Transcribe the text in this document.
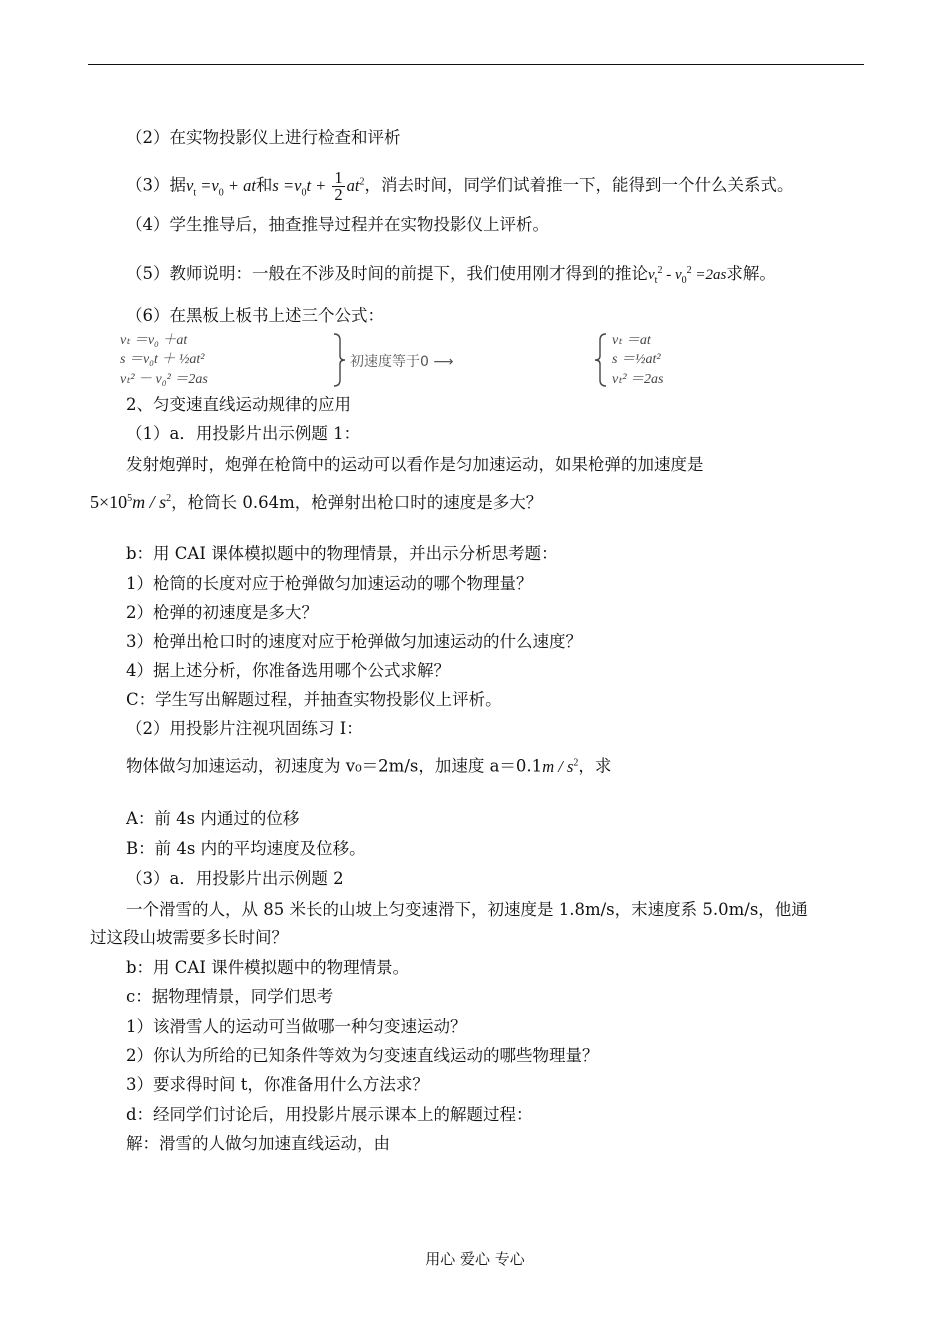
（2）在实物投影仪上进行检查和评析
（3）据$v_t =v_0$ + at和$s =v_0t + \frac{1}{2} at^2$，消去时间，同学们试着推一下，能得到一个什么关系式。
（4）学生推导后，抽查推导过程并在实物投影仪上评析。
（5）教师说明：一般在不涉及时间的前提下，我们使用刚才得到的推论$v_t^2 - v_0^2 =2as$求解。
（6）在黑板上板书上述三个公式：
vₜ ＝v₀ ＋at
s ＝v₀t ＋ ½at²
vₜ² － v₀² ＝2as
初速度等于0 ⟶
vₜ ＝at
s ＝½at²
vₜ² ＝2as
2、匀变速直线运动规律的应用
（1）a．用投影片出示例题 1：
发射炮弹时，炮弹在枪筒中的运动可以看作是匀加速运动，如果枪弹的加速度是
$5\times 10^5m / s^2$，枪筒长 0.64m，枪弹射出枪口时的速度是多大？
b：用 CAI 课体模拟题中的物理情景，并出示分析思考题：
1）枪筒的长度对应于枪弹做匀加速运动的哪个物理量？
2）枪弹的初速度是多大？
3）枪弹出枪口时的速度对应于枪弹做匀加速运动的什么速度？
4）据上述分析，你准备选用哪个公式求解？
C：学生写出解题过程，并抽查实物投影仪上评析。
（2）用投影片注视巩固练习 I：
物体做匀加速运动，初速度为 v₀＝2m/s，加速度 $a=0.1m / s^2$，求
A：前 4s 内通过的位移
B：前 4s 内的平均速度及位移。
（3）a．用投影片出示例题 2
一个滑雪的人，从 85 米长的山坡上匀变速滑下，初速度是 1.8m/s，末速度系 5.0m/s，他通
过这段山坡需要多长时间？
b：用 CAI 课件模拟题中的物理情景。
c：据物理情景，同学们思考
1）该滑雪人的运动可当做哪一种匀变速运动？
2）你认为所给的已知条件等效为匀变速直线运动的哪些物理量？
3）要求得时间 t，你准备用什么方法求？
d：经同学们讨论后，用投影片展示课本上的解题过程：
解：滑雪的人做匀加速直线运动，由
用心 爱心 专心
